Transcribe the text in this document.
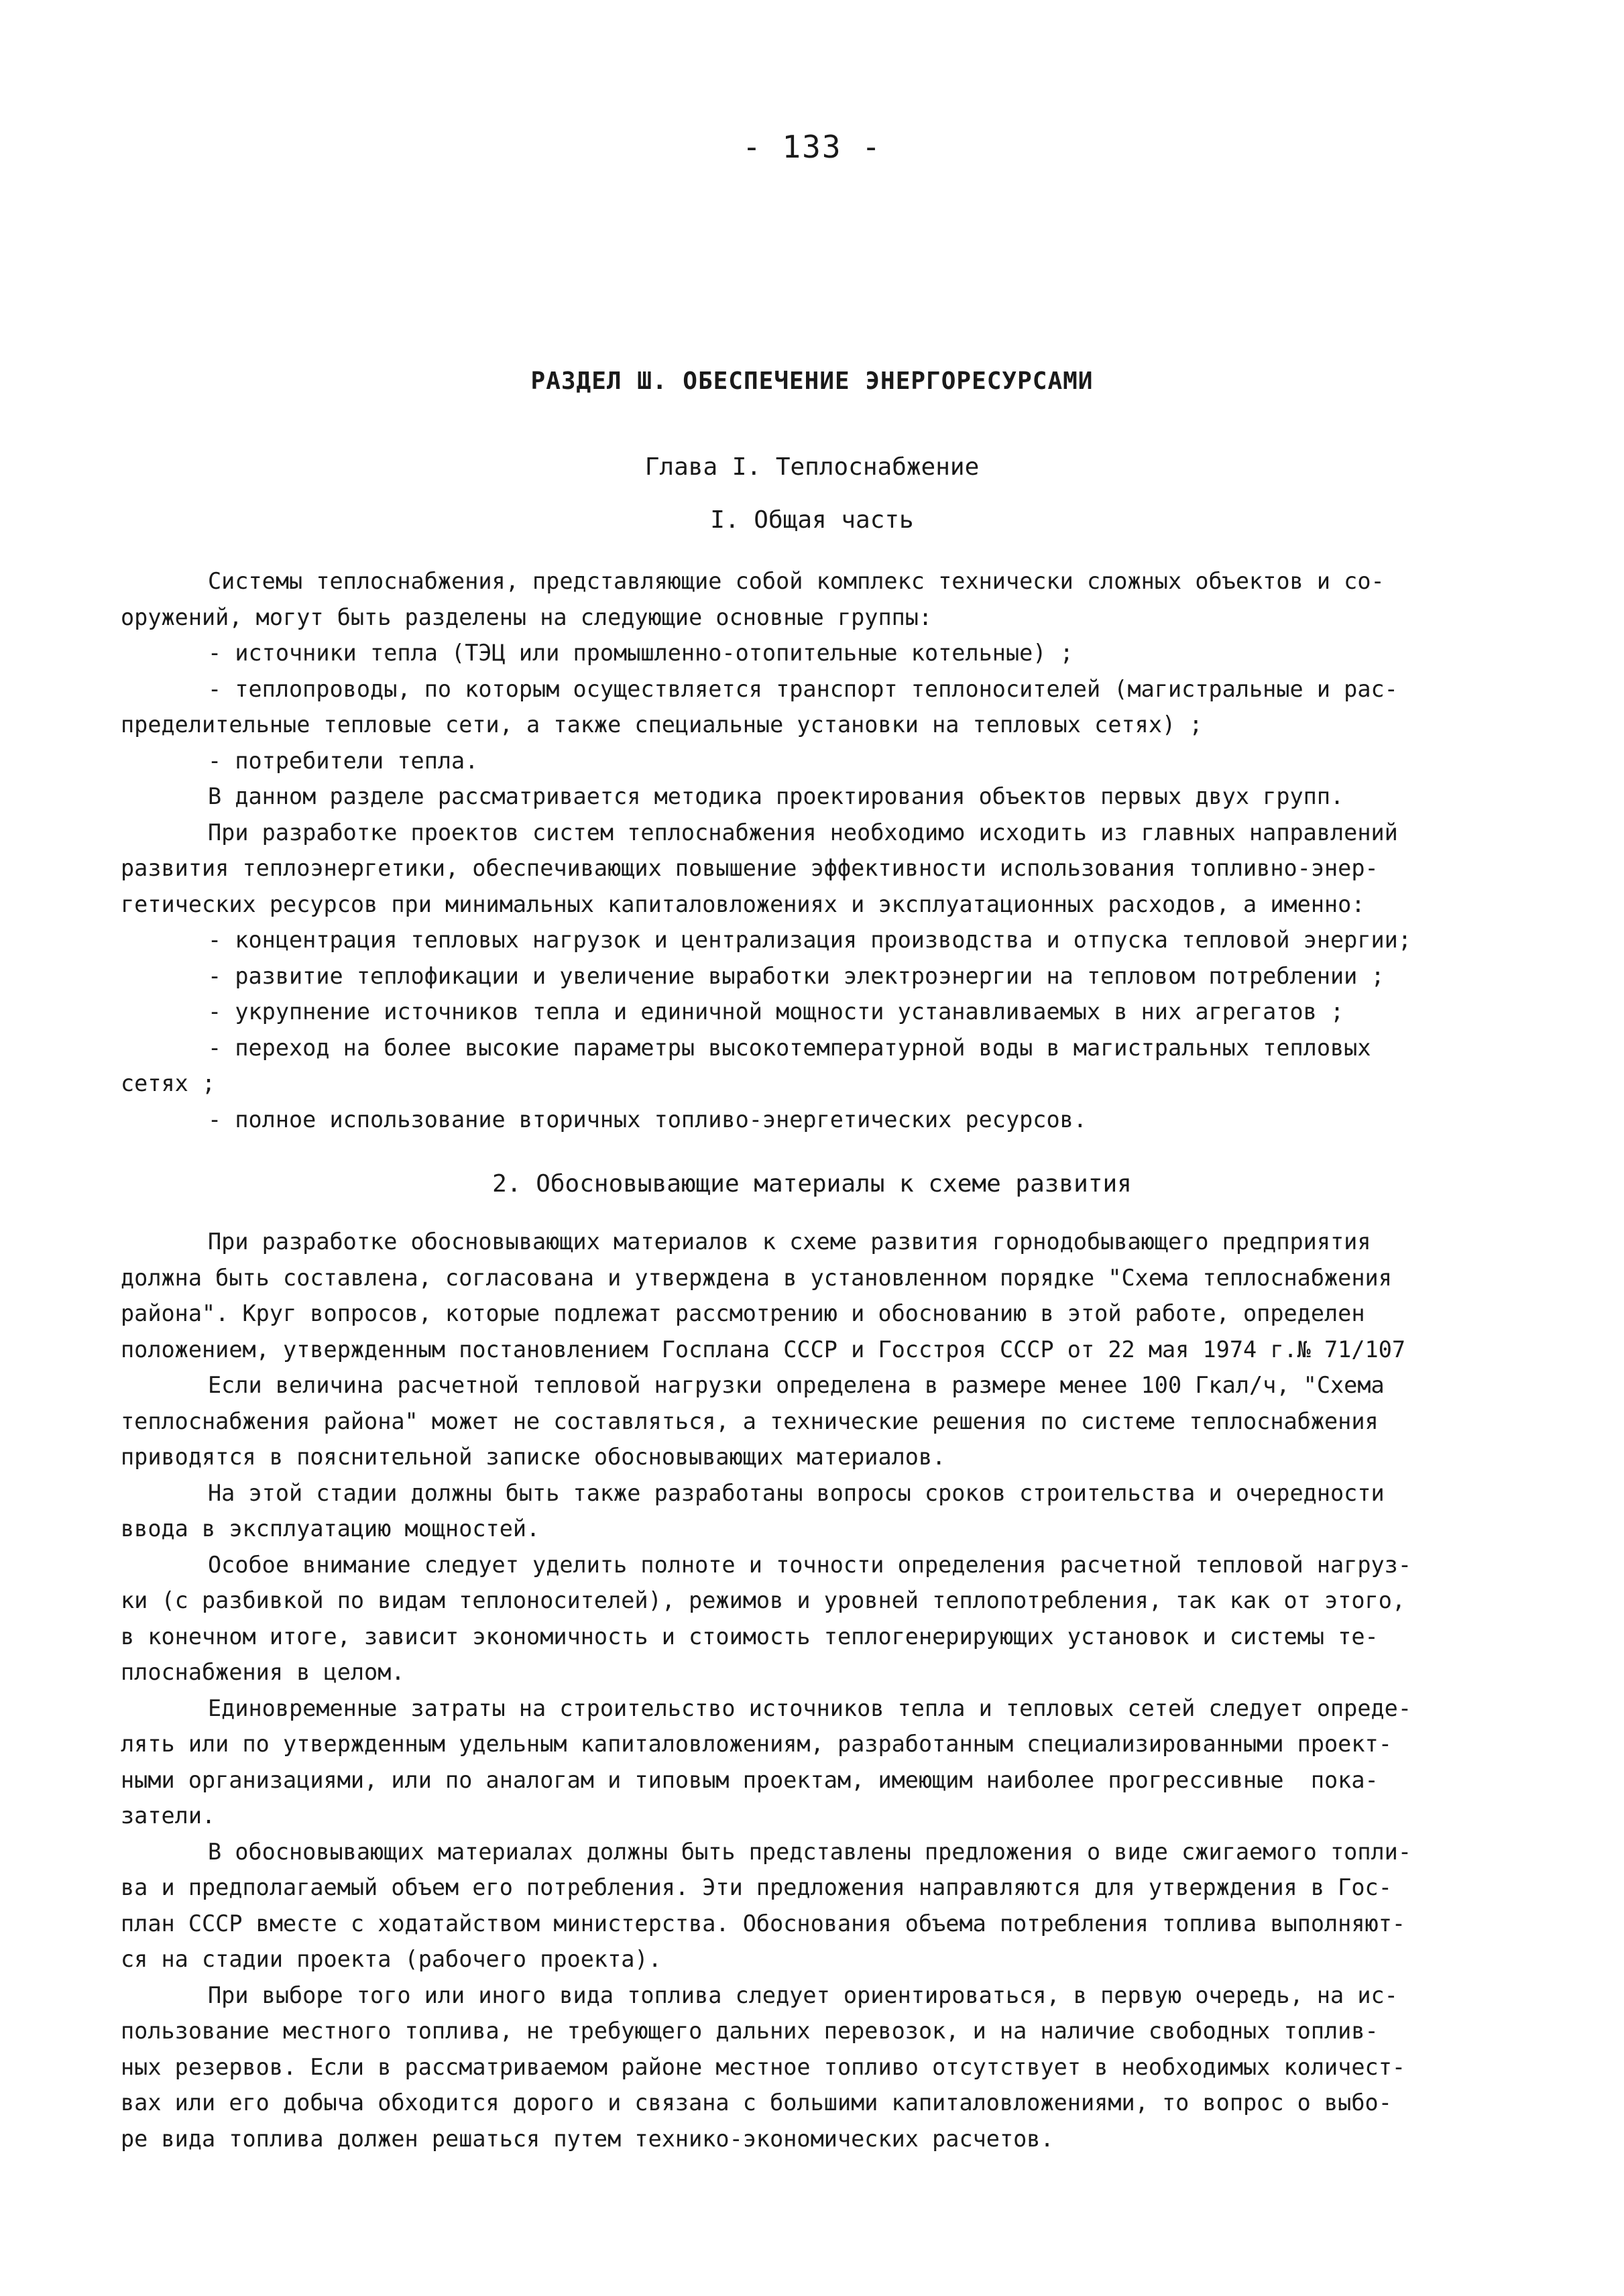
- 133 -
РАЗДЕЛ Ш. ОБЕСПЕЧЕНИЕ ЭНЕРГОРЕСУРСАМИ
Глава I. Теплоснабжение
I. Общая часть
Системы теплоснабжения, представляющие собой комплекс технически сложных объектов и со-
оружений, могут быть разделены на следующие основные группы:
- источники тепла (ТЭЦ или промышленно-отопительные котельные) ;
- теплопроводы, по которым осуществляется транспорт теплоносителей (магистральные и рас-
пределительные тепловые сети, а также специальные установки на тепловых сетях) ;
- потребители тепла.
В данном разделе рассматривается методика проектирования объектов первых двух групп.
При разработке проектов систем теплоснабжения необходимо исходить из главных направлений
развития теплоэнергетики, обеспечивающих повышение эффективности использования топливно-энер-
гетических ресурсов при минимальных капиталовложениях и эксплуатационных расходов, а именно:
- концентрация тепловых нагрузок и централизация производства и отпуска тепловой энергии;
- развитие теплофикации и увеличение выработки электроэнергии на тепловом потреблении ;
- укрупнение источников тепла и единичной мощности устанавливаемых в них агрегатов ;
- переход на более высокие параметры высокотемпературной воды в магистральных тепловых
сетях ;
- полное использование вторичных топливо-энергетических ресурсов.
2. Обосновывающие материалы к схеме развития
При разработке обосновывающих материалов к схеме развития горнодобывающего предприятия
должна быть составлена, согласована и утверждена в установленном порядке "Схема теплоснабжения
района". Круг вопросов, которые подлежат рассмотрению и обоснованию в этой работе, определен
положением, утвержденным постановлением Госплана СССР и Госстроя СССР от 22 мая 1974 г.№ 71/107
Если величина расчетной тепловой нагрузки определена в размере менее 100 Гкал/ч, "Схема
теплоснабжения района" может не составляться, а технические решения по системе теплоснабжения
приводятся в пояснительной записке обосновывающих материалов.
На этой стадии должны быть также разработаны вопросы сроков строительства и очередности
ввода в эксплуатацию мощностей.
Особое внимание следует уделить полноте и точности определения расчетной тепловой нагруз-
ки (с разбивкой по видам теплоносителей), режимов и уровней теплопотребления, так как от этого,
в конечном итоге, зависит экономичность и стоимость теплогенерирующих установок и системы те-
плоснабжения в целом.
Единовременные затраты на строительство источников тепла и тепловых сетей следует опреде-
лять или по утвержденным удельным капиталовложениям, разработанным специализированными проект-
ными организациями, или по аналогам и типовым проектам, имеющим наиболее прогрессивные  пока-
затели.
В обосновывающих материалах должны быть представлены предложения о виде сжигаемого топли-
ва и предполагаемый объем его потребления. Эти предложения направляются для утверждения в Гос-
план СССР вместе с ходатайством министерства. Обоснования объема потребления топлива выполняют-
ся на стадии проекта (рабочего проекта).
При выборе того или иного вида топлива следует ориентироваться, в первую очередь, на ис-
пользование местного топлива, не требующего дальних перевозок, и на наличие свободных топлив-
ных резервов. Если в рассматриваемом районе местное топливо отсутствует в необходимых количест-
вах или его добыча обходится дорого и связана с большими капиталовложениями, то вопрос о выбо-
ре вида топлива должен решаться путем технико-экономических расчетов.
